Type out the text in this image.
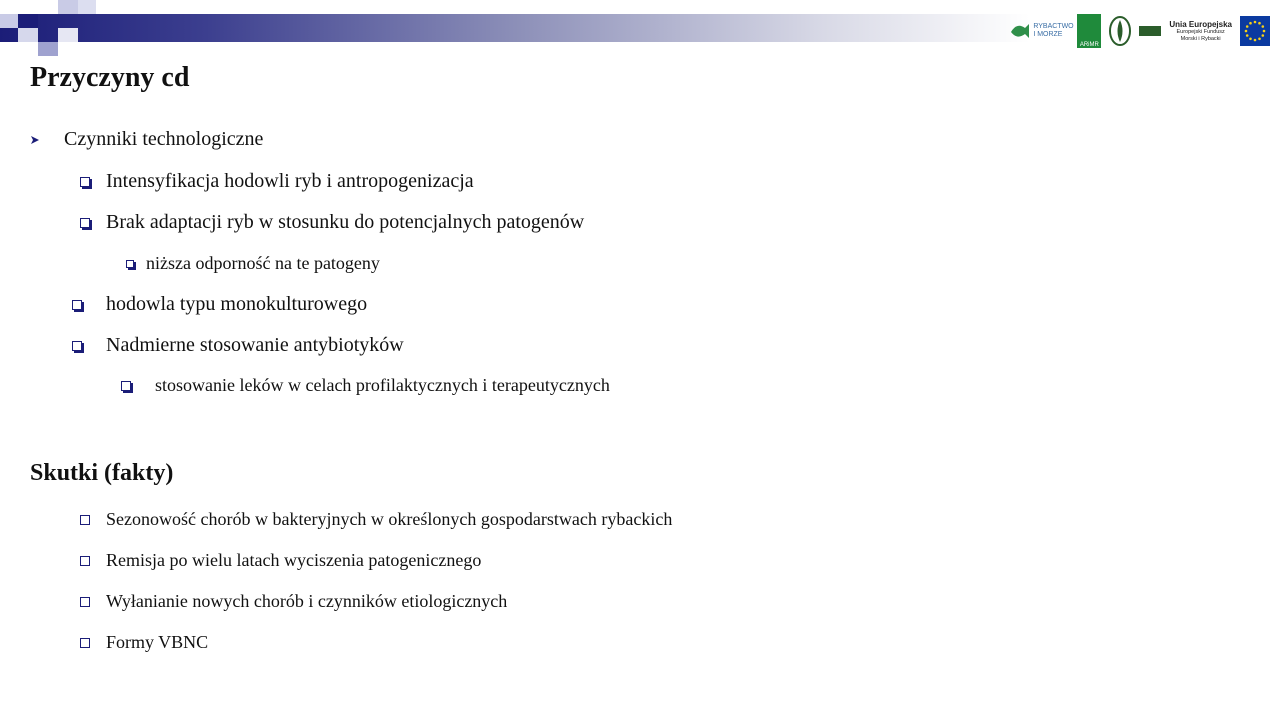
RYBACTWO I MORZE
ARiMR
Unia Europejska
Europejski Fundusz Morski i Rybacki
Przyczyny cd
Czynniki technologiczne
Intensyfikacja hodowli ryb i antropogenizacja
Brak adaptacji ryb w stosunku do potencjalnych patogenów
niższa odporność na te patogeny
hodowla typu monokulturowego
Nadmierne stosowanie antybiotyków
stosowanie leków w celach profilaktycznych i terapeutycznych
Skutki (fakty)
Sezonowość chorób w bakteryjnych w określonych gospodarstwach rybackich
Remisja po wielu latach wyciszenia patogenicznego
Wyłanianie nowych chorób i czynników etiologicznych
Formy VBNC
